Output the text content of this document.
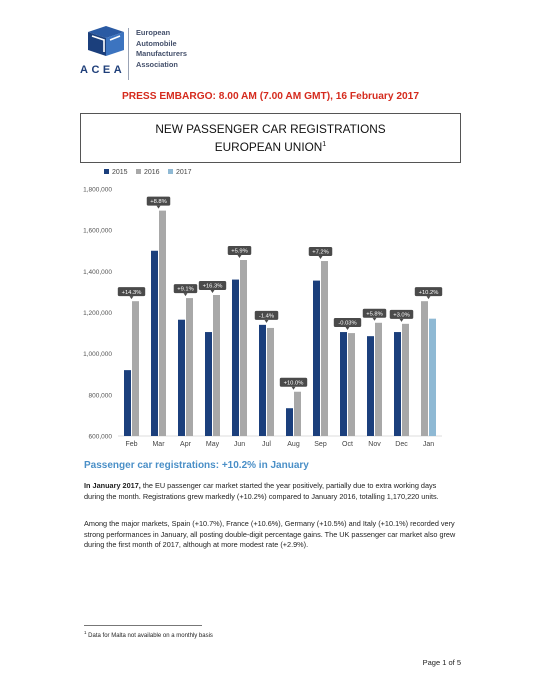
ACEA
European
Automobile
Manufacturers
Association
PRESS EMBARGO: 8.00 AM (7.00 AM GMT), 16 February 2017
NEW PASSENGER CAR REGISTRATIONS
EUROPEAN UNION$^1$
2015 2016 2017
600,000
800,000
1,000,000
1,200,000
1,400,000
1,600,000
1,800,000
Feb
+14.3%
Mar
+8.8%
Apr
+9.1%
May
+16.3%
Jun
+5.9%
Jul
-1.4%
Aug
+10.0%
Sep
+7.2%
Oct
-0.03%
Nov
+5.8%
Dec
+3.0%
Jan
+10.2%
Passenger car registrations: +10.2% in January
In January 2017, the EU passenger car market started the year positively, partially due to extra working days during the month. Registrations grew markedly (+10.2%) compared to January 2016, totalling 1,170,220 units.
Among the major markets, Spain (+10.7%), France (+10.6%), Germany (+10.5%) and Italy (+10.1%) recorded very strong performances in January, all posting double-digit percentage gains. The UK passenger car market also grew during the first month of 2017, although at more modest rate (+2.9%).
$^1$ Data for Malta not available on a monthly basis
Page 1 of 5
